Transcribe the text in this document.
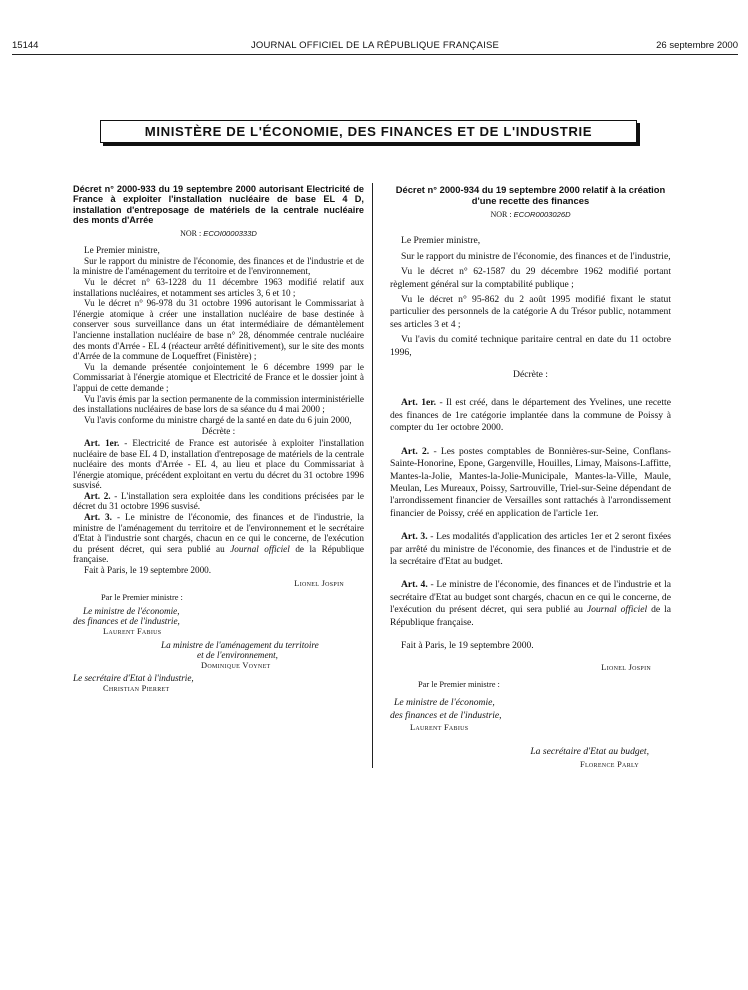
15144	JOURNAL OFFICIEL DE LA RÉPUBLIQUE FRANÇAISE	26 septembre 2000
MINISTÈRE DE L'ÉCONOMIE, DES FINANCES ET DE L'INDUSTRIE
Décret n° 2000-933 du 19 septembre 2000 autorisant Electricité de France à exploiter l'installation nucléaire de base EL 4 D, installation d'entreposage de matériels de la centrale nucléaire des monts d'Arrée
NOR : ECOI0000333D

Le Premier ministre,

Sur le rapport du ministre de l'économie, des finances et de l'industrie et de la ministre de l'aménagement du territoire et de l'environnement,

Vu le décret n° 63-1228 du 11 décembre 1963 modifié relatif aux installations nucléaires, et notamment ses articles 3, 6 et 10 ;

Vu le décret n° 96-978 du 31 octobre 1996 autorisant le Commissariat à l'énergie atomique à créer une installation nucléaire de base destinée à conserver sous surveillance dans un état intermédiaire de démantèlement l'ancienne installation nucléaire de base n° 28, dénommée centrale nucléaire des monts d'Arrée - EL 4 (réacteur arrêté définitivement), sur le site des monts d'Arrée de la commune de Loqueffret (Finistère) ;

Vu la demande présentée conjointement le 6 décembre 1999 par le Commissariat à l'énergie atomique et Electricité de France et le dossier joint à l'appui de cette demande ;

Vu l'avis émis par la section permanente de la commission interministérielle des installations nucléaires de base lors de sa séance du 4 mai 2000 ;

Vu l'avis conforme du ministre chargé de la santé en date du 6 juin 2000,

Décrète :

Art. 1er. - Electricité de France est autorisée à exploiter l'installation nucléaire de base EL 4 D, installation d'entreposage de matériels de la centrale nucléaire des monts d'Arrée - EL 4, au lieu et place du Commissariat à l'énergie atomique, précédent exploitant en vertu du décret du 31 octobre 1996 susvisé.

Art. 2. - L'installation sera exploitée dans les conditions précisées par le décret du 31 octobre 1996 susvisé.

Art. 3. - Le ministre de l'économie, des finances et de l'industrie, la ministre de l'aménagement du territoire et de l'environnement et le secrétaire d'Etat à l'industrie sont chargés, chacun en ce qui le concerne, de l'exécution du présent décret, qui sera publié au Journal officiel de la République française.

Fait à Paris, le 19 septembre 2000.

Lionel Jospin
Par le Premier ministre :
Le ministre de l'économie,
des finances et de l'industrie,
Laurent Fabius
La ministre de l'aménagement du territoire
et de l'environnement,
Dominique Voynet
Le secrétaire d'Etat à l'industrie,
Christian Pierret
Décret n° 2000-934 du 19 septembre 2000 relatif à la création d'une recette des finances
NOR : ECOR0003026D

Le Premier ministre,

Sur le rapport du ministre de l'économie, des finances et de l'industrie,

Vu le décret n° 62-1587 du 29 décembre 1962 modifié portant règlement général sur la comptabilité publique ;

Vu le décret n° 95-862 du 2 août 1995 modifié fixant le statut particulier des personnels de la catégorie A du Trésor public, notamment ses articles 3 et 4 ;

Vu l'avis du comité technique paritaire central en date du 11 octobre 1996,

Décrète :

Art. 1er. - Il est créé, dans le département des Yvelines, une recette des finances de 1re catégorie implantée dans la commune de Poissy à compter du 1er octobre 2000.

Art. 2. - Les postes comptables de Bonnières-sur-Seine, Conflans-Sainte-Honorine, Epone, Gargenville, Houilles, Limay, Maisons-Laffitte, Mantes-la-Jolie, Mantes-la-Jolie-Municipale, Mantes-la-Ville, Maule, Meulan, Les Mureaux, Poissy, Sartrouville, Triel-sur-Seine dépendant de l'arrondissement financier de Versailles sont rattachés à l'arrondissement financier de Poissy, créé en application de l'article 1er.

Art. 3. - Les modalités d'application des articles 1er et 2 seront fixées par arrêté du ministre de l'économie, des finances et de l'industrie et de la secrétaire d'Etat au budget.

Art. 4. - Le ministre de l'économie, des finances et de l'industrie et la secrétaire d'Etat au budget sont chargés, chacun en ce qui le concerne, de l'exécution du présent décret, qui sera publié au Journal officiel de la République française.

Fait à Paris, le 19 septembre 2000.

Lionel Jospin
Par le Premier ministre :
Le ministre de l'économie,
des finances et de l'industrie,
Laurent Fabius
La secrétaire d'Etat au budget,
Florence Parly
